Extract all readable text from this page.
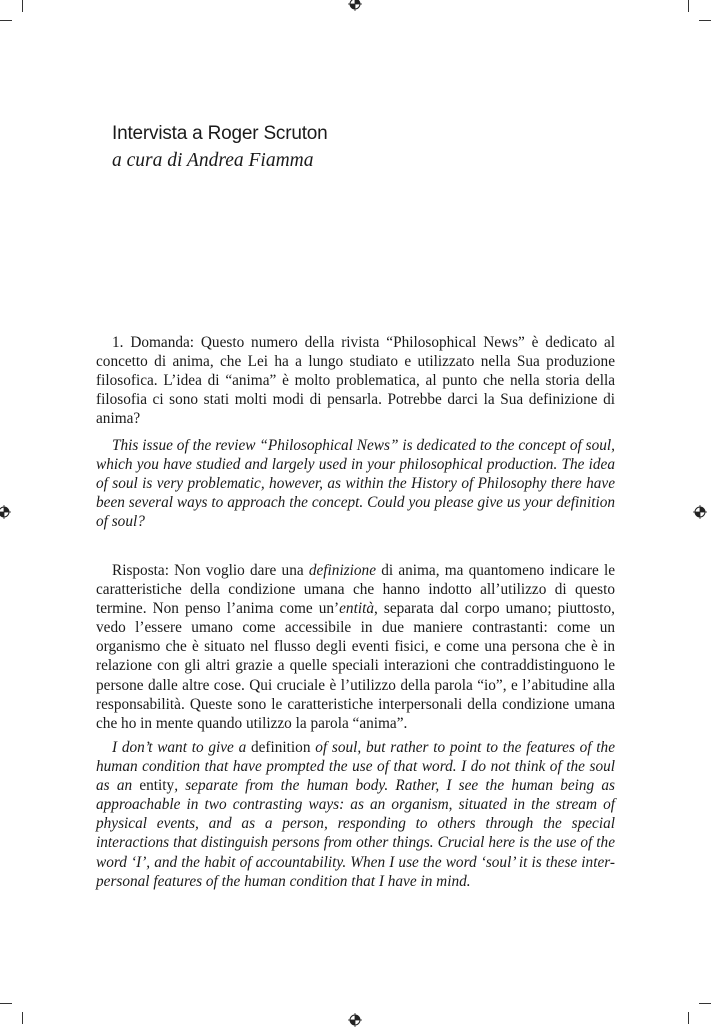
Intervista a Roger Scruton

a cura di Andrea Fiamma

1. Domanda: Questo numero della rivista “Philosophical News” è dedicato al concetto di anima, che Lei ha a lungo studiato e utilizzato nella Sua produzione filosofica. L’idea di “anima” è molto problematica, al punto che nella storia della filosofia ci sono stati molti modi di pensarla. Potrebbe darci la Sua definizione di anima?

This issue of the review “Philosophical News” is dedicated to the concept of soul, which you have studied and largely used in your philosophical production. The idea of soul is very problematic, however, as within the History of Philosophy there have been several ways to approach the concept. Could you please give us your definition of soul?

Risposta: Non voglio dare una definizione di anima, ma quantomeno indicare le caratteristiche della condizione umana che hanno indotto all’utilizzo di questo termine. Non penso l’anima come un’entità, separata dal corpo umano; piuttosto, vedo l’essere umano come accessibile in due maniere contrastanti: come un organismo che è situato nel flusso degli eventi fisici, e come una persona che è in relazione con gli altri grazie a quelle speciali interazioni che contraddistinguono le persone dalle altre cose. Qui cruciale è l’utilizzo della parola “io”, e l’abitudine alla responsabilità. Queste sono le caratteristiche interpersonali della condizione umana che ho in mente quando utilizzo la parola “anima”.

I don’t want to give a definition of soul, but rather to point to the features of the human condition that have prompted the use of that word. I do not think of the soul as an entity, separate from the human body. Rather, I see the human being as approachable in two contrasting ways: as an organism, situated in the stream of physical events, and as a person, responding to others through the special interactions that distinguish persons from other things. Crucial here is the use of the word ‘I’, and the habit of accountability. When I use the word ‘soul’ it is these inter-personal features of the human condition that I have in mind.
